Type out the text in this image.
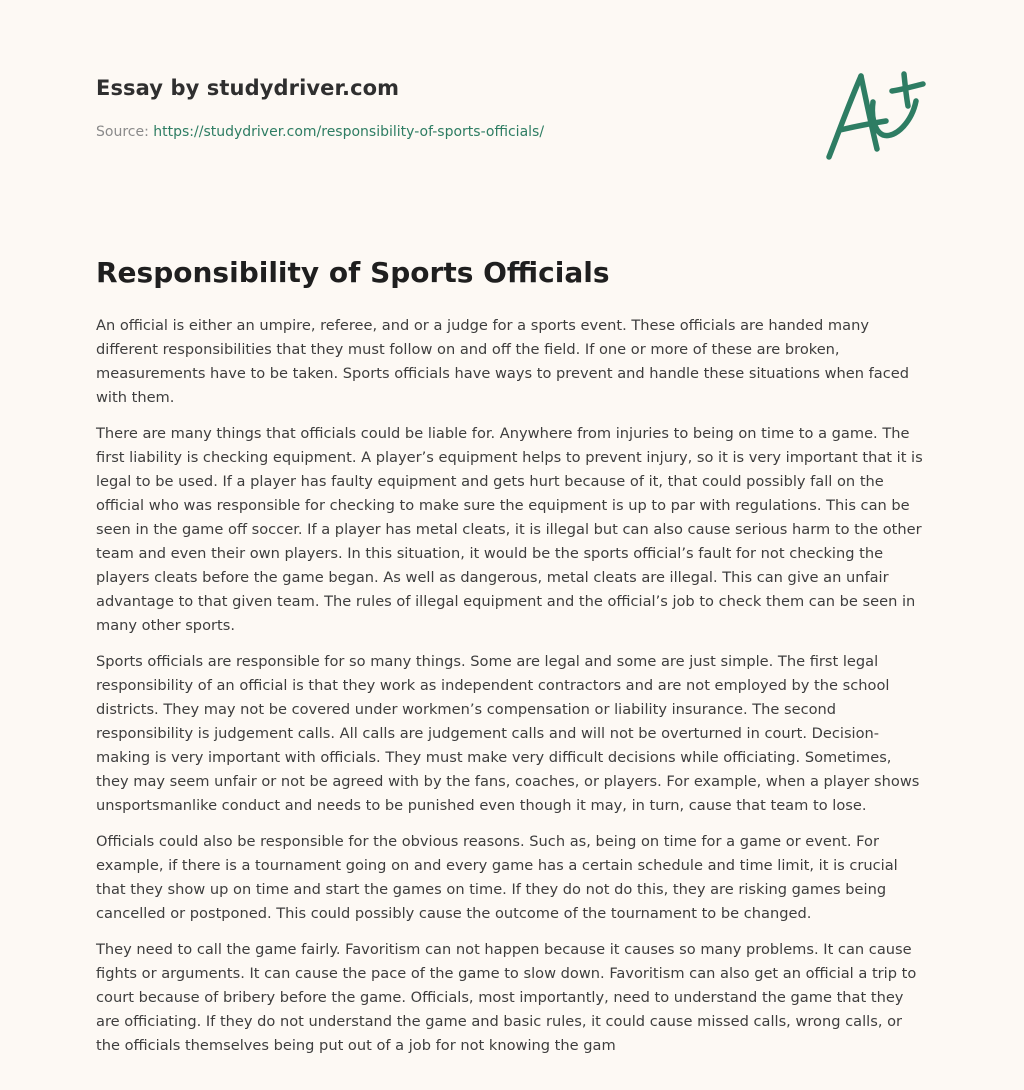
Essay by studydriver.com
Source: https://studydriver.com/responsibility-of-sports-officials/
Responsibility of Sports Officials

An official is either an umpire, referee, and or a judge for a sports event. These officials are handed many different responsibilities that they must follow on and off the field. If one or more of these are broken, measurements have to be taken. Sports officials have ways to prevent and handle these situations when faced with them.

There are many things that officials could be liable for. Anywhere from injuries to being on time to a game. The first liability is checking equipment. A player’s equipment helps to prevent injury, so it is very important that it is legal to be used. If a player has faulty equipment and gets hurt because of it, that could possibly fall on the official who was responsible for checking to make sure the equipment is up to par with regulations. This can be seen in the game off soccer. If a player has metal cleats, it is illegal but can also cause serious harm to the other team and even their own players. In this situation, it would be the sports official’s fault for not checking the players cleats before the game began. As well as dangerous, metal cleats are illegal. This can give an unfair advantage to that given team. The rules of illegal equipment and the official’s job to check them can be seen in many other sports.

Sports officials are responsible for so many things. Some are legal and some are just simple. The first legal responsibility of an official is that they work as independent contractors and are not employed by the school districts. They may not be covered under workmen’s compensation or liability insurance. The second responsibility is judgement calls. All calls are judgement calls and will not be overturned in court. Decision-making is very important with officials. They must make very difficult decisions while officiating. Sometimes, they may seem unfair or not be agreed with by the fans, coaches, or players. For example, when a player shows unsportsmanlike conduct and needs to be punished even though it may, in turn, cause that team to lose.

Officials could also be responsible for the obvious reasons. Such as, being on time for a game or event. For example, if there is a tournament going on and every game has a certain schedule and time limit, it is crucial that they show up on time and start the games on time. If they do not do this, they are risking games being cancelled or postponed. This could possibly cause the outcome of the tournament to be changed.

They need to call the game fairly. Favoritism can not happen because it causes so many problems. It can cause fights or arguments. It can cause the pace of the game to slow down. Favoritism can also get an official a trip to court because of bribery before the game. Officials, most importantly, need to understand the game that they are officiating. If they do not understand the game and basic rules, it could cause missed calls, wrong calls, or the officials themselves being put out of a job for not knowing the gam
